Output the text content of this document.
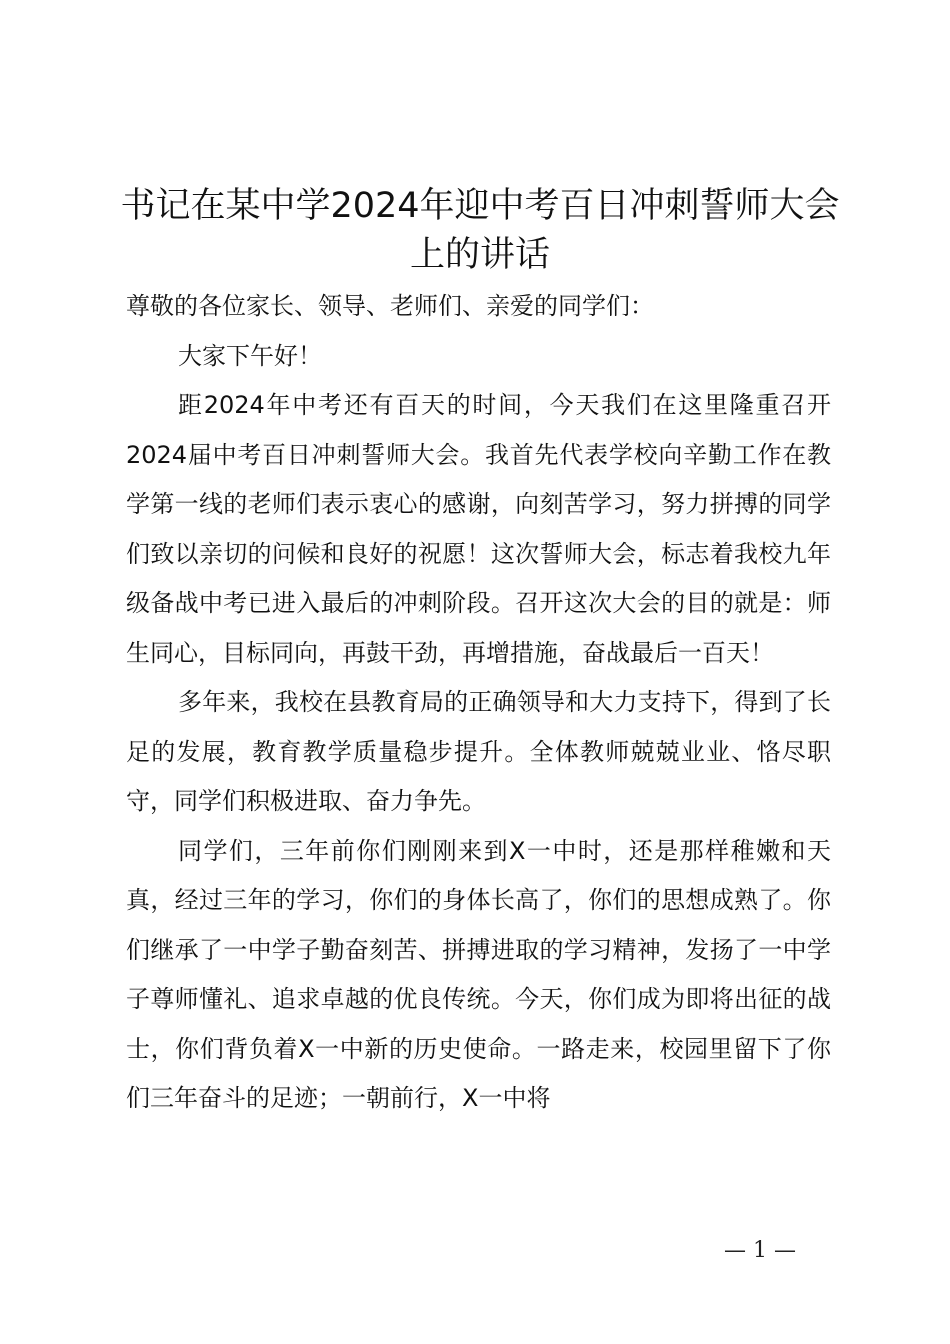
书记在某中学2024年迎中考百日冲刺誓师大会上的讲话

尊敬的各位家长、领导、老师们、亲爱的同学们：

大家下午好！

距2024年中考还有百天的时间，今天我们在这里隆重召开2024届中考百日冲刺誓师大会。我首先代表学校向辛勤工作在教学第一线的老师们表示衷心的感谢，向刻苦学习，努力拼搏的同学们致以亲切的问候和良好的祝愿！这次誓师大会，标志着我校九年级备战中考已进入最后的冲刺阶段。召开这次大会的目的就是：师生同心，目标同向，再鼓干劲，再增措施，奋战最后一百天！

多年来，我校在县教育局的正确领导和大力支持下，得到了长足的发展，教育教学质量稳步提升。全体教师兢兢业业、恪尽职守，同学们积极进取、奋力争先。

同学们，三年前你们刚刚来到X一中时，还是那样稚嫩和天真，经过三年的学习，你们的身体长高了，你们的思想成熟了。你们继承了一中学子勤奋刻苦、拼搏进取的学习精神，发扬了一中学子尊师懂礼、追求卓越的优良传统。今天，你们成为即将出征的战士，你们背负着X一中新的历史使命。一路走来，校园里留下了你们三年奋斗的足迹；一朝前行，X一中将

— 1 —
